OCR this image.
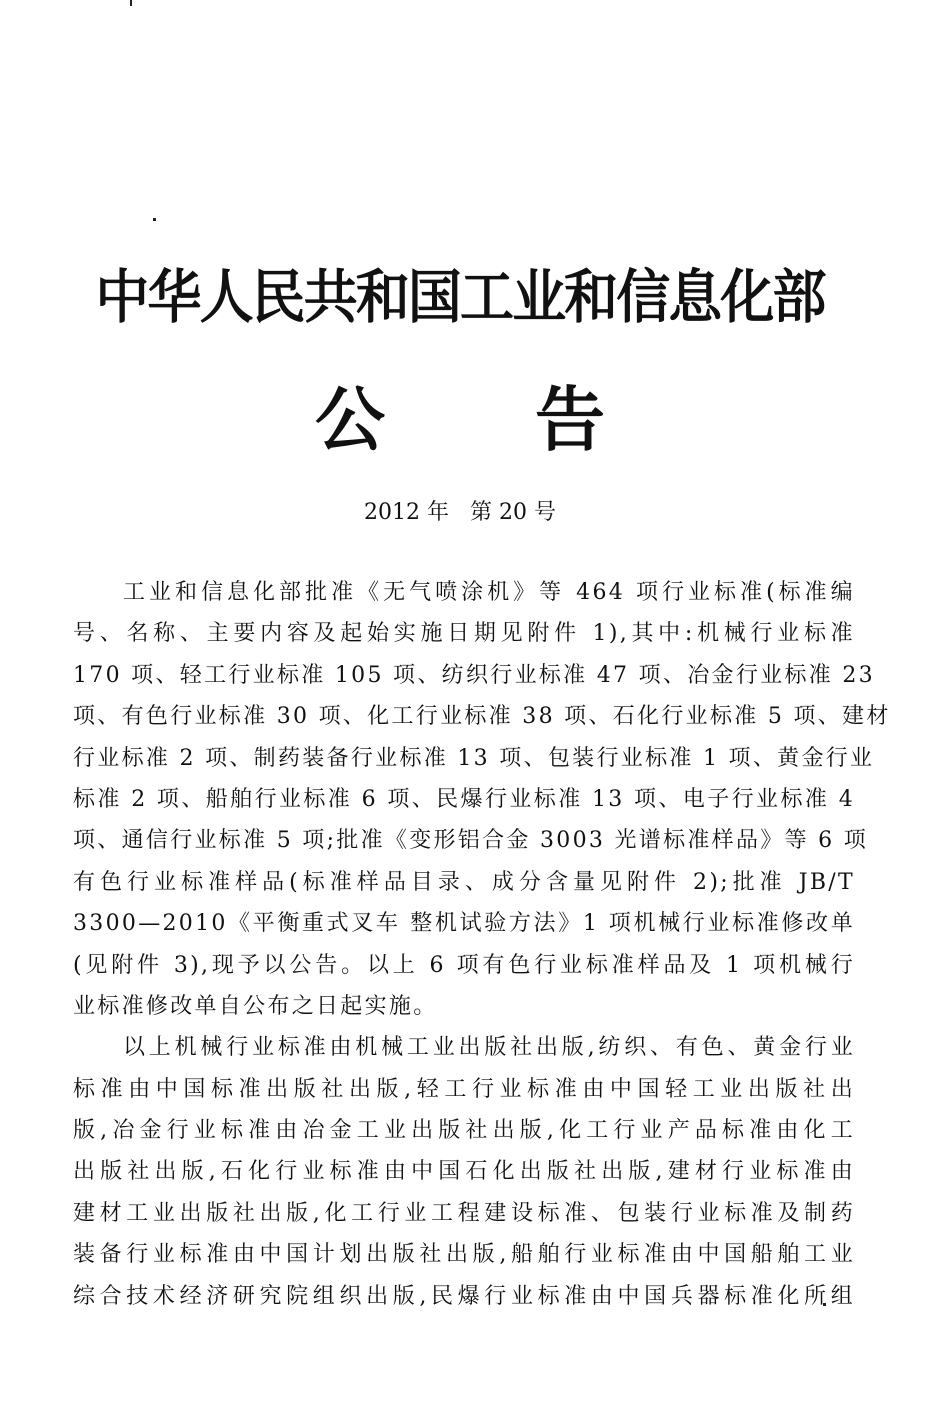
中华人民共和国工业和信息化部
公告
2012 年   第 20 号
工业和信息化部批准《无气喷涂机》等 464 项行业标准(标准编
号、名称、主要内容及起始实施日期见附件 1),其中:机械行业标准
170 项、轻工行业标准 105 项、纺织行业标准 47 项、冶金行业标准 23
项、有色行业标准 30 项、化工行业标准 38 项、石化行业标准 5 项、建材
行业标准 2 项、制药装备行业标准 13 项、包装行业标准 1 项、黄金行业
标准 2 项、船舶行业标准 6 项、民爆行业标准 13 项、电子行业标准 4
项、通信行业标准 5 项;批准《变形铝合金 3003 光谱标准样品》等 6 项
有色行业标准样品(标准样品目录、成分含量见附件 2);批准 JB/T
3300—2010《平衡重式叉车 整机试验方法》1 项机械行业标准修改单
(见附件 3),现予以公告。以上 6 项有色行业标准样品及 1 项机械行
业标准修改单自公布之日起实施。
以上机械行业标准由机械工业出版社出版,纺织、有色、黄金行业
标准由中国标准出版社出版,轻工行业标准由中国轻工业出版社出
版,冶金行业标准由冶金工业出版社出版,化工行业产品标准由化工
出版社出版,石化行业标准由中国石化出版社出版,建材行业标准由
建材工业出版社出版,化工行业工程建设标准、包装行业标准及制药
装备行业标准由中国计划出版社出版,船舶行业标准由中国船舶工业
综合技术经济研究院组织出版,民爆行业标准由中国兵器标准化所组
